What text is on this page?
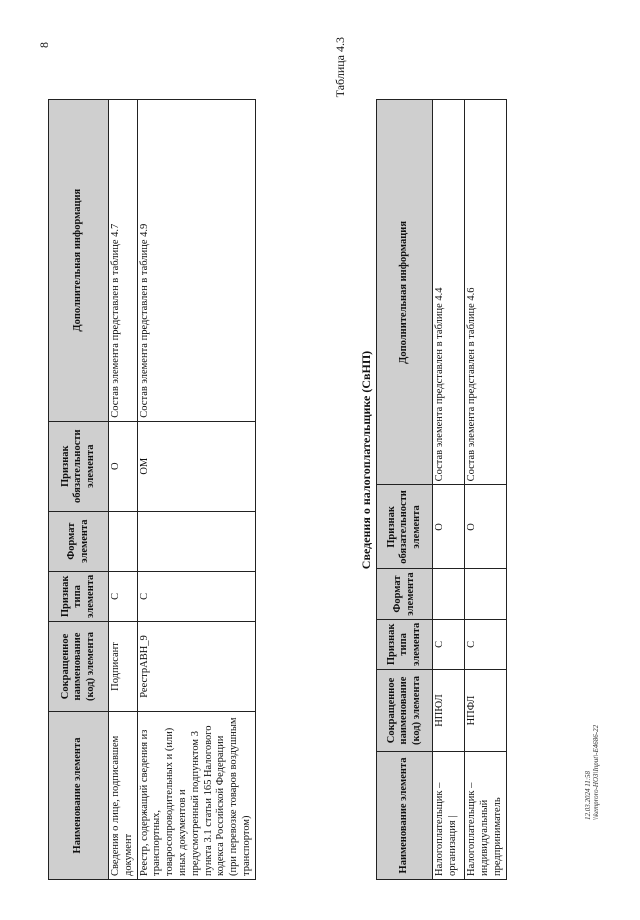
8
Наименование элемента	Сокращенное наименование (код) элемента	Признак типа элемента	Формат элемента	Признак обязательности элемента	Дополнительная информация
Сведения о лице, подписавшем документ	Подписант	С		О	Состав элемента представлен в таблице 4.7
Реестр, содержащий сведения из транспортных, товаросопроводительных и (или) иных документов и предусмотренный подпунктом 3 пункта 3.1 статьи 165 Налогового кодекса Российской Федерации (при перевозке товаров воздушным транспортом)	РеестрАВН_9	С		ОМ	Состав элемента представлен в таблице 4.9
Таблица 4.3
Сведения о налогоплательщике (СвНП)
Наименование элемента	Сокращенное наименование (код) элемента	Признак типа элемента	Формат элемента	Признак обязательности элемента	Дополнительная информация
Налогоплательщик – организация |	НПЮЛ	С		О	Состав элемента представлен в таблице 4.4
Налогоплательщик – индивидуальный предприниматель	НПФЛ	С		О	Состав элемента представлен в таблице 4.6
12.03.2024 11:58 \\kemproro-НОЗ\Input\-Е4686-22
